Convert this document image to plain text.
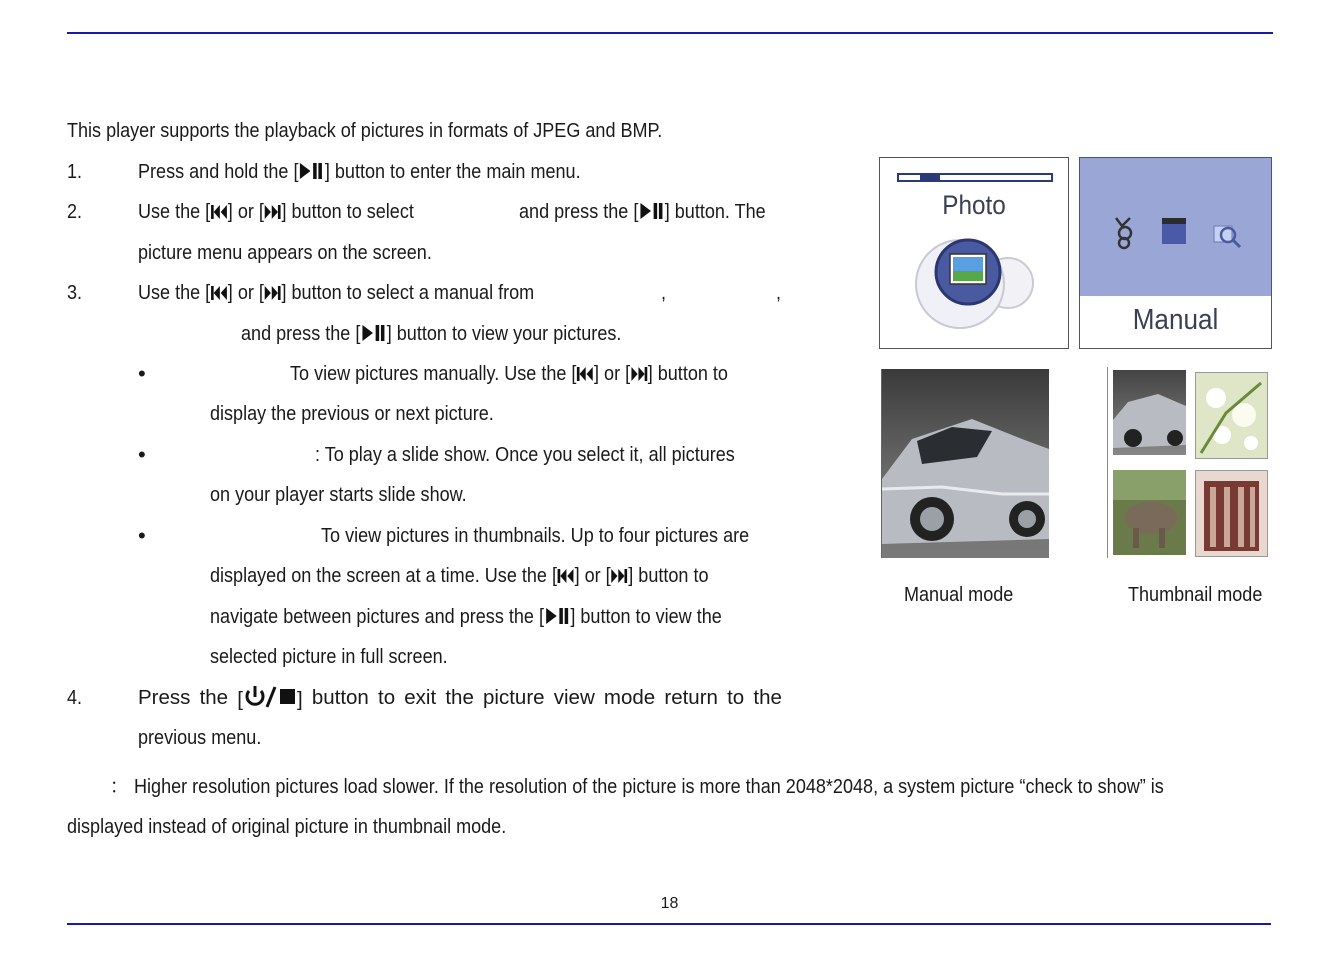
This player supports the playback of pictures in formats of JPEG and BMP.
1.	Press and hold the [ ] button to enter the main menu.
2.	Use the [ ] or [ ] button to select	and press the [ ] button. The
picture menu appears on the screen.
3.	Use the [ ] or [ ] button to select a manual from	,	,
and press the [ ] button to view your pictures.
•	To view pictures manually. Use the [ ] or [ ] button to
display the previous or next picture.
•	: To play a slide show. Once you select it, all pictures
on your player starts slide show.
•	To view pictures in thumbnails. Up to four pictures are
displayed on the screen at a time. Use the [ ] or [ ] button to
navigate between pictures and press the [ ] button to view the
selected picture in full screen.
4.	Press the [	] button to exit the picture view mode return to the
previous menu.
： Higher resolution pictures load slower. If the resolution of the picture is more than 2048*2048, a system picture “check to show” is
displayed instead of original picture in thumbnail mode.
Photo
Manual
Manual mode	Thumbnail mode
18
